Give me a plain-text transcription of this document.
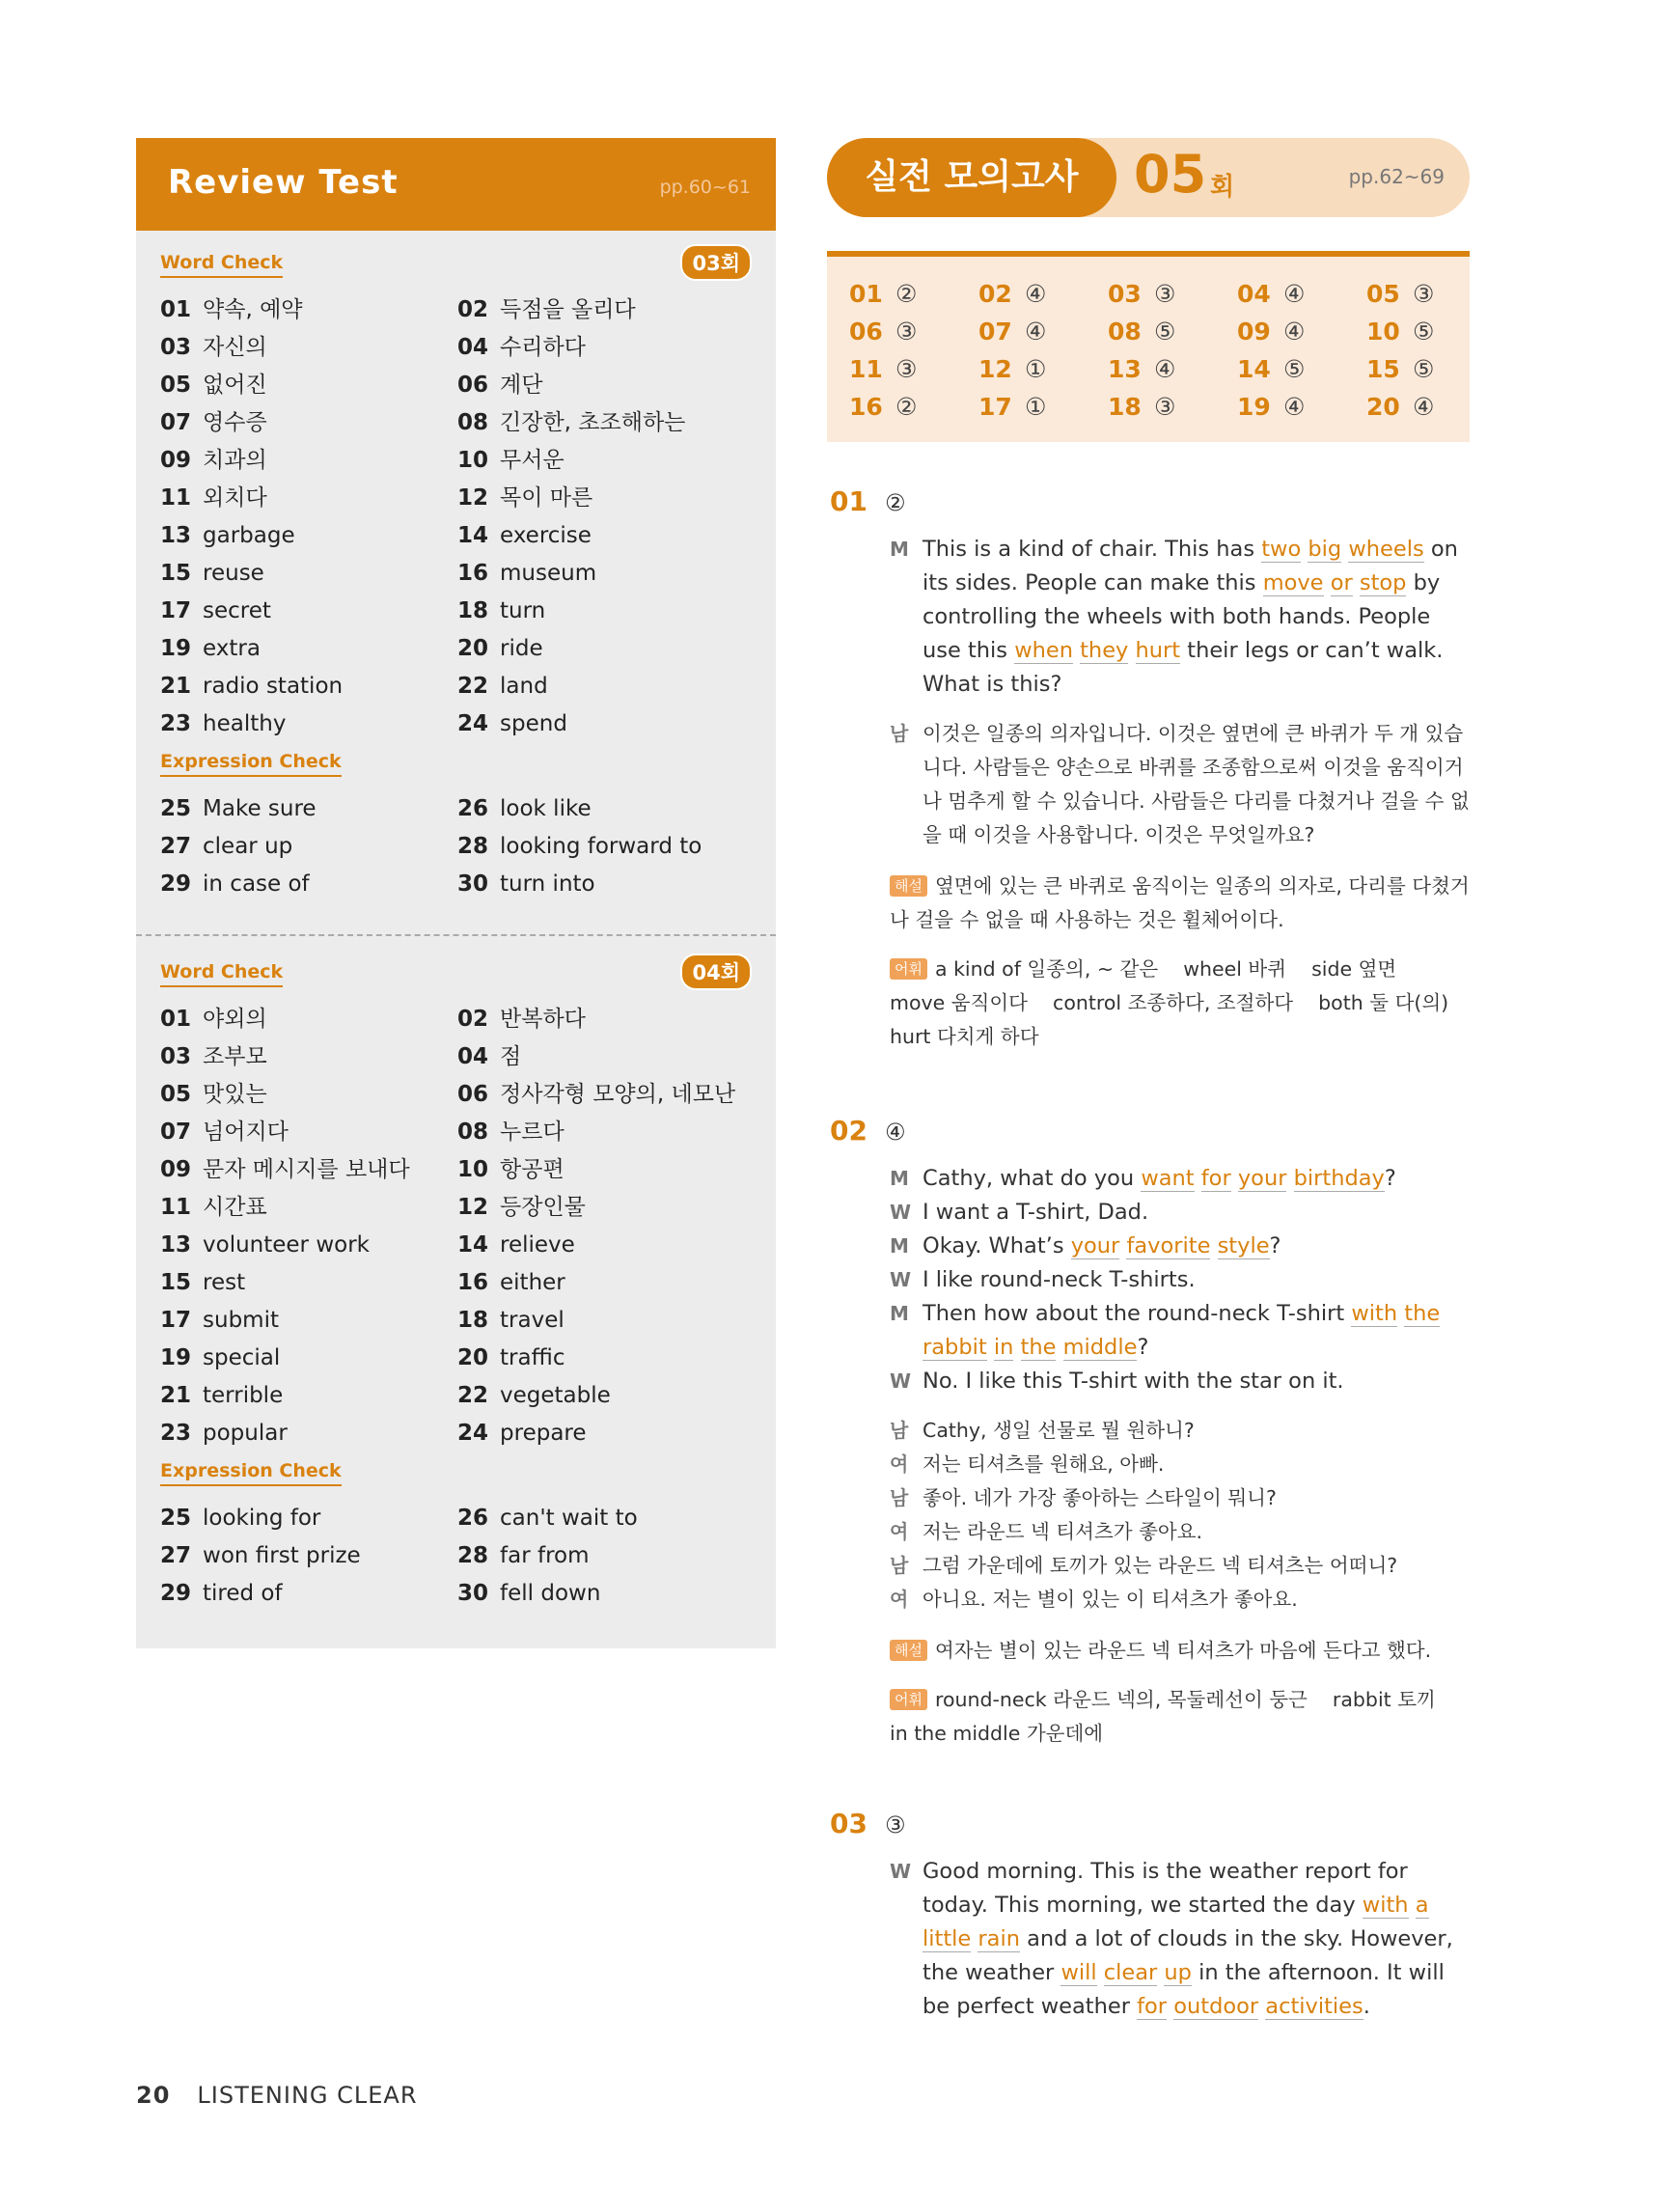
Review Test	pp.60~61
03회
Word Check
01 약속, 예약	02 득점을 올리다
03 자신의	04 수리하다
05 없어진	06 계단
07 영수증	08 긴장한, 초조해하는
09 치과의	10 무서운
11 외치다	12 목이 마른
13 garbage	14 exercise
15 reuse	16 museum
17 secret	18 turn
19 extra	20 ride
21 radio station	22 land
23 healthy	24 spend
Expression Check
25 Make sure	26 look like
27 clear up	28 looking forward to
29 in case of	30 turn into
04회
Word Check
01 야외의	02 반복하다
03 조부모	04 점
05 맛있는	06 정사각형 모양의, 네모난
07 넘어지다	08 누르다
09 문자 메시지를 보내다	10 항공편
11 시간표	12 등장인물
13 volunteer work	14 relieve
15 rest	16 either
17 submit	18 travel
19 special	20 traffic
21 terrible	22 vegetable
23 popular	24 prepare
Expression Check
25 looking for	26 can't wait to
27 won first prize	28 far from
29 tired of	30 fell down
실전 모의고사	05 회	pp.62~69
01 ②	02 ④	03 ③	04 ④	05 ③
06 ③	07 ④	08 ⑤	09 ④	10 ⑤
11 ③	12 ①	13 ④	14 ⑤	15 ⑤
16 ②	17 ①	18 ③	19 ④	20 ④
01 ②
M This is a kind of chair. This has two big wheels on its sides. People can make this move or stop by controlling the wheels with both hands. People use this when they hurt their legs or can’t walk. What is this?
남 이것은 일종의 의자입니다. 이것은 옆면에 큰 바퀴가 두 개 있습니다. 사람들은 양손으로 바퀴를 조종함으로써 이것을 움직이거나 멈추게 할 수 있습니다. 사람들은 다리를 다쳤거나 걸을 수 없을 때 이것을 사용합니다. 이것은 무엇일까요?
해설 옆면에 있는 큰 바퀴로 움직이는 일종의 의자로, 다리를 다쳤거나 걸을 수 없을 때 사용하는 것은 휠체어이다.
어휘 a kind of 일종의, ~ 같은    wheel 바퀴    side 옆면    move 움직이다    control 조종하다, 조절하다    both 둘 다(의)    hurt 다치게 하다
02 ④
M Cathy, what do you want for your birthday?
W I want a T-shirt, Dad.
M Okay. What’s your favorite style?
W I like round-neck T-shirts.
M Then how about the round-neck T-shirt with the rabbit in the middle?
W No. I like this T-shirt with the star on it.
남 Cathy, 생일 선물로 뭘 원하니?
여 저는 티셔츠를 원해요, 아빠.
남 좋아. 네가 가장 좋아하는 스타일이 뭐니?
여 저는 라운드 넥 티셔츠가 좋아요.
남 그럼 가운데에 토끼가 있는 라운드 넥 티셔츠는 어떠니?
여 아니요. 저는 별이 있는 이 티셔츠가 좋아요.
해설 여자는 별이 있는 라운드 넥 티셔츠가 마음에 든다고 했다.
어휘 round-neck 라운드 넥의, 목둘레선이 둥근    rabbit 토끼    in the middle 가운데에
03 ③
W Good morning. This is the weather report for today. This morning, we started the day with a little rain and a lot of clouds in the sky. However, the weather will clear up in the afternoon. It will be perfect weather for outdoor activities.
20 LISTENING CLEAR
